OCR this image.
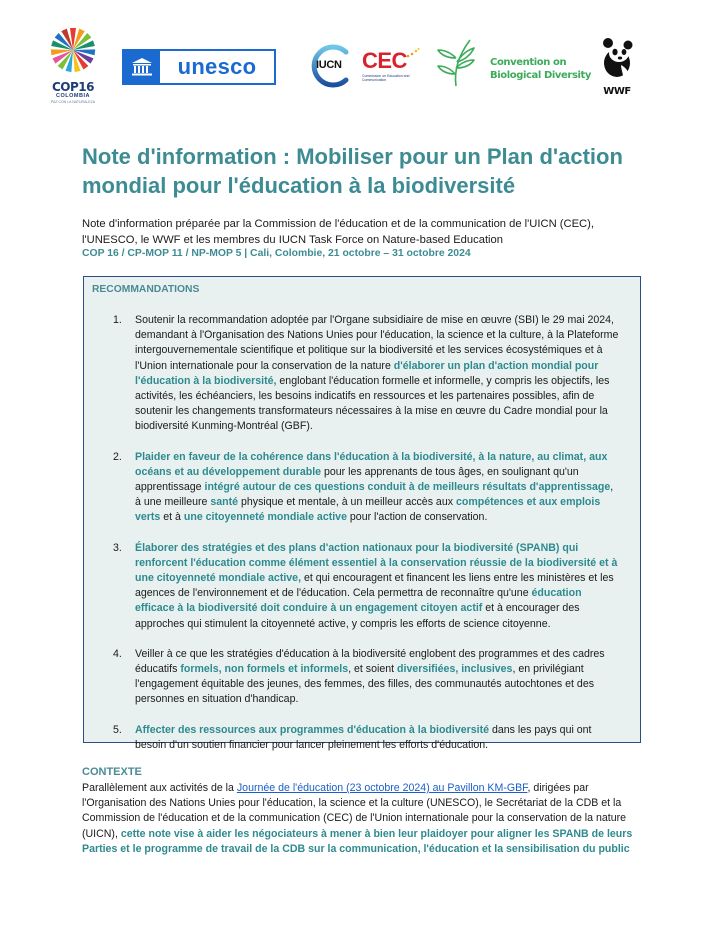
COP16
COLOMBIA
PAZ CON LA NATURALEZA
unesco	IUCN CEC
Commission on Education and Communication
Convention on
Biological Diversity
WWF
Note d'information : Mobiliser pour un Plan d'action mondial pour l'éducation à la biodiversité

Note d'information préparée par la Commission de l'éducation et de la communication de l'UICN (CEC), l'UNESCO, le WWF et les membres du IUCN Task Force on Nature-based Education

COP 16 / CP-MOP 11 / NP-MOP 5 | Cali, Colombie, 21 octobre – 31 octobre 2024

RECOMMANDATIONS
1. Soutenir la recommandation adoptée par l'Organe subsidiaire de mise en œuvre (SBI) le 29 mai 2024, demandant à l'Organisation des Nations Unies pour l'éducation, la science et la culture, à la Plateforme intergouvernementale scientifique et politique sur la biodiversité et les services écosystémiques et à l'Union internationale pour la conservation de la nature d'élaborer un plan d'action mondial pour l'éducation à la biodiversité, englobant l'éducation formelle et informelle, y compris les objectifs, les activités, les échéanciers, les besoins indicatifs en ressources et les partenaires possibles, afin de soutenir les changements transformateurs nécessaires à la mise en œuvre du Cadre mondial pour la biodiversité Kunming-Montréal (GBF).
2. Plaider en faveur de la cohérence dans l'éducation à la biodiversité, à la nature, au climat, aux océans et au développement durable pour les apprenants de tous âges, en soulignant qu'un apprentissage intégré autour de ces questions conduit à de meilleurs résultats d'apprentissage, à une meilleure santé physique et mentale, à un meilleur accès aux compétences et aux emplois verts et à une citoyenneté mondiale active pour l'action de conservation.
3. Élaborer des stratégies et des plans d'action nationaux pour la biodiversité (SPANB) qui renforcent l'éducation comme élément essentiel à la conservation réussie de la biodiversité et à une citoyenneté mondiale active, et qui encouragent et financent les liens entre les ministères et les agences de l'environnement et de l'éducation. Cela permettra de reconnaître qu'une éducation efficace à la biodiversité doit conduire à un engagement citoyen actif et à encourager des approches qui stimulent la citoyenneté active, y compris les efforts de science citoyenne.
4. Veiller à ce que les stratégies d'éducation à la biodiversité englobent des programmes et des cadres éducatifs formels, non formels et informels, et soient diversifiées, inclusives, en privilégiant l'engagement équitable des jeunes, des femmes, des filles, des communautés autochtones et des personnes en situation d'handicap.
5. Affecter des ressources aux programmes d'éducation à la biodiversité dans les pays qui ont besoin d'un soutien financier pour lancer pleinement les efforts d'éducation.
CONTEXTE

Parallèlement aux activités de la Journée de l'éducation (23 octobre 2024) au Pavillon KM-GBF, dirigées par l'Organisation des Nations Unies pour l'éducation, la science et la culture (UNESCO), le Secrétariat de la CDB et la Commission de l'éducation et de la communication (CEC) de l'Union internationale pour la conservation de la nature (UICN), cette note vise à aider les négociateurs à mener à bien leur plaidoyer pour aligner les SPANB de leurs Parties et le programme de travail de la CDB sur la communication, l'éducation et la sensibilisation du public
